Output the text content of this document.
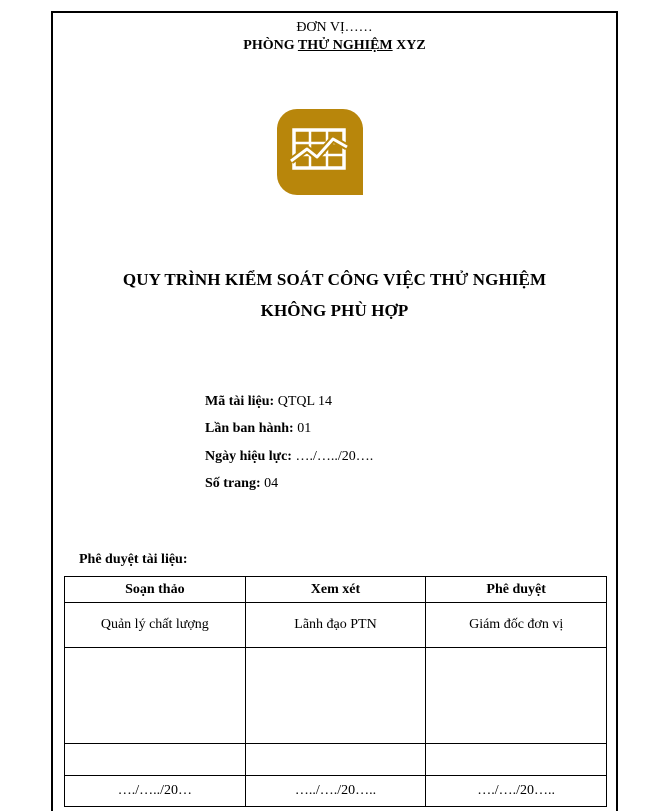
ĐƠN VỊ……
PHÒNG THỬ NGHIỆM XYZ
QUY TRÌNH KIỂM SOÁT CÔNG VIỆC THỬ NGHIỆM
KHÔNG PHÙ HỢP
Mã tài liệu: QTQL 14
Lần ban hành: 01
Ngày hiệu lực: …./…../20….
Số trang: 04
Phê duyệt tài liệu:
Soạn thảo	Xem xét	Phê duyệt
Quản lý chất lượng	Lãnh đạo PTN	Giám đốc đơn vị

…./…../20…	…../…./20…..	…./…./20…..
